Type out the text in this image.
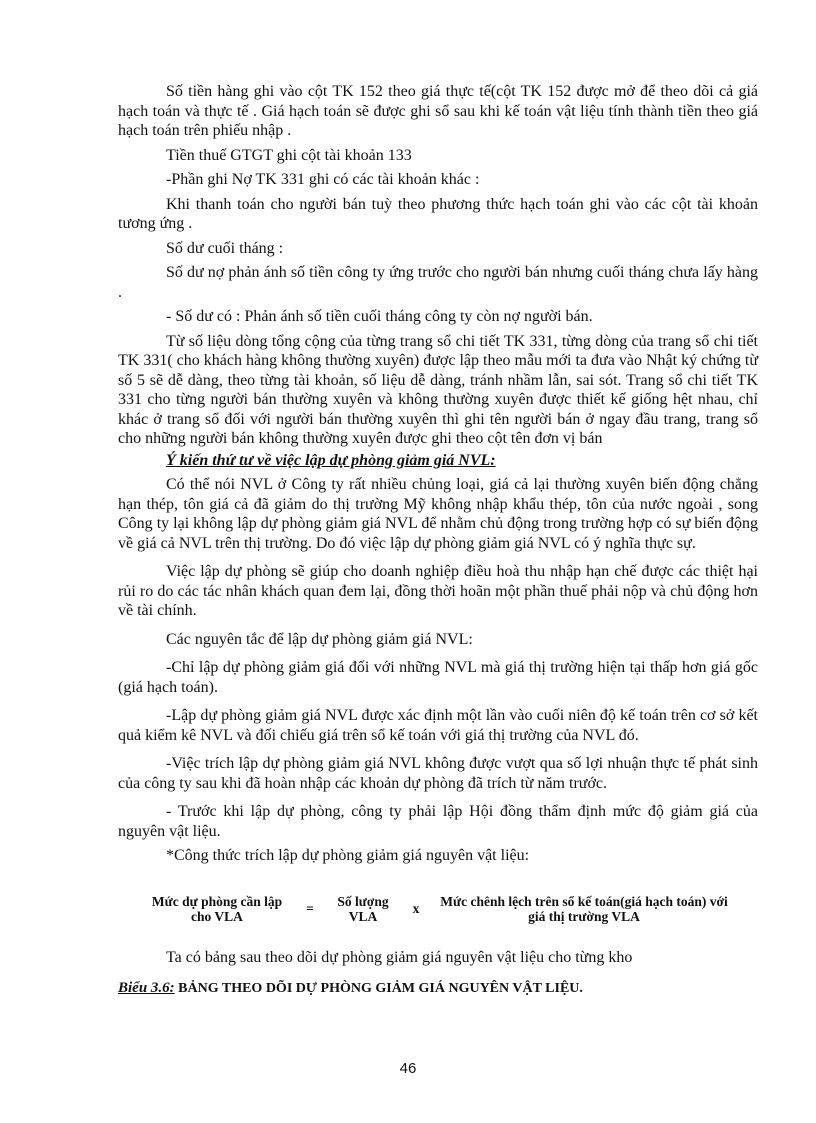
Số tiền hàng ghi vào cột TK 152 theo giá thực tế(cột TK 152 được mở để theo dõi cả giá hạch toán và thực tế . Giá hạch toán sẽ được ghi sổ sau khi kế toán vật liệu tính thành tiền theo giá hạch toán trên phiếu nhập .

Tiền thuế GTGT ghi cột tài khoản 133

-Phần ghi Nợ TK 331 ghi có các tài khoản khác :

Khi thanh toán cho người bán tuỳ theo phương thức hạch toán ghi vào các cột tài khoản tương ứng .

Số dư cuối tháng :

Số dư nợ phản ánh số tiền công ty ứng trước cho người bán nhưng cuối tháng chưa lấy hàng .

- Số dư có : Phản ánh số tiền cuối tháng công ty còn nợ người bán.

Từ số liệu dòng tổng cộng của từng trang sổ chi tiết TK 331, từng dòng của trang sổ chi tiết TK 331( cho khách hàng không thường xuyên) được lập theo mẫu mới ta đưa vào Nhật ký chứng từ số 5 sẽ dễ dàng, theo từng tài khoản, số liệu dễ dàng, tránh nhầm lẫn, sai sót. Trang sổ chi tiết TK 331 cho từng người bán thường xuyên và không thường xuyên được thiết kế giống hệt nhau, chỉ khác ở trang sổ đối với người bán thường xuyên thì ghi tên người bán ở ngay đầu trang, trang sổ cho những người bán không thường xuyên được ghi theo cột tên đơn vị bán

Ý kiến thứ tư về việc lập dự phòng giảm giá NVL:

Có thể nói NVL ở Công ty rất nhiều chủng loại, giá cả lại thường xuyên biến động chẳng hạn thép, tôn giá cả đã giảm do thị trường Mỹ không nhập khẩu thép, tôn của nước ngoài , song Công ty lại không lập dự phòng giảm giá NVL để nhằm chủ động trong trường hợp có sự biến động về giá cả NVL trên thị trường. Do đó việc lập dự phòng giảm giá NVL có ý nghĩa thực sự.

Việc lập dự phòng sẽ giúp cho doanh nghiệp điều hoà thu nhập hạn chế được các thiệt hại rủi ro do các tác nhân khách quan đem lại, đồng thời hoãn một phần thuế phải nộp và chủ động hơn về tài chính.

Các nguyên tắc để lập dự phòng giảm giá NVL:

-Chỉ lập dự phòng giảm giá đối với những NVL mà giá thị trường hiện tại thấp hơn giá gốc (giá hạch toán).

-Lập dự phòng giảm giá NVL được xác định một lần vào cuối niên độ kế toán trên cơ sở kết quả kiểm kê NVL và đối chiếu giá trên sổ kế toán với giá thị trường của NVL đó.

-Việc trích lập dự phòng giảm giá NVL không được vượt qua số lợi nhuận thực tế phát sinh của công ty sau khi đã hoàn nhập các khoản dự phòng đã trích từ năm trước.

- Trước khi lập dự phòng, công ty phải lập Hội đồng thẩm định mức độ giảm giá của nguyên vật liệu.

*Công thức trích lập dự phòng giảm giá nguyên vật liệu:

Mức dự phòng cần lập cho VLA	=	Số lượng VLA	x	Mức chênh lệch trên sổ kế toán(giá hạch toán) với giá thị trường VLA

Ta có bảng sau theo dõi dự phòng giảm giá nguyên vật liệu cho từng kho

Biểu 3.6: BẢNG THEO DÕI DỰ PHÒNG GIẢM GIÁ NGUYÊN VẬT LIỆU.

46
